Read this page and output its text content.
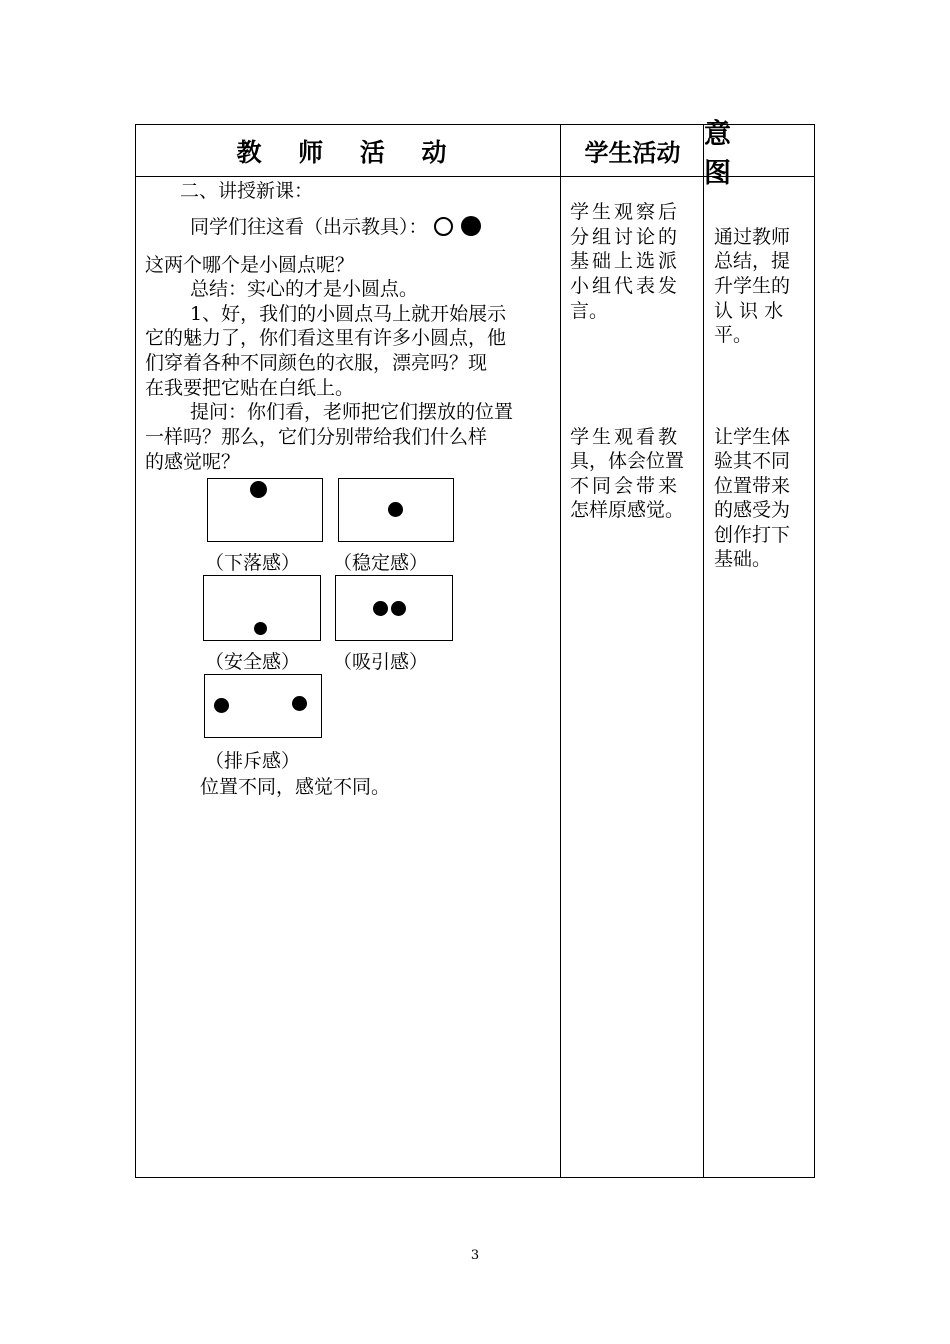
教 师 活 动	学生活动
意 图
二、讲授新课：
同学们往这看（出示教具）：
这两个哪个是小圆点呢？
总结：实心的才是小圆点。
1、好，我们的小圆点马上就开始展示
它的魅力了，你们看这里有许多小圆点，他
们穿着各种不同颜色的衣服，漂亮吗？现
在我要把它贴在白纸上。
提问：你们看，老师把它们摆放的位置
一样吗？那么，它们分别带给我们什么样
的感觉呢？
（下落感） （稳定感）
（安全感） （吸引感）
（排斥感）
位置不同，感觉不同。
学生观察后
分组讨论的
基础上选派
小组代表发
言。
学生观看教
具，体会位置
不同会带来
怎样原感觉。
通过教师
总结，提
升学生的
认 识 水
平。
让学生体
验其不同
位置带来
的感受为
创作打下
基础。
3
